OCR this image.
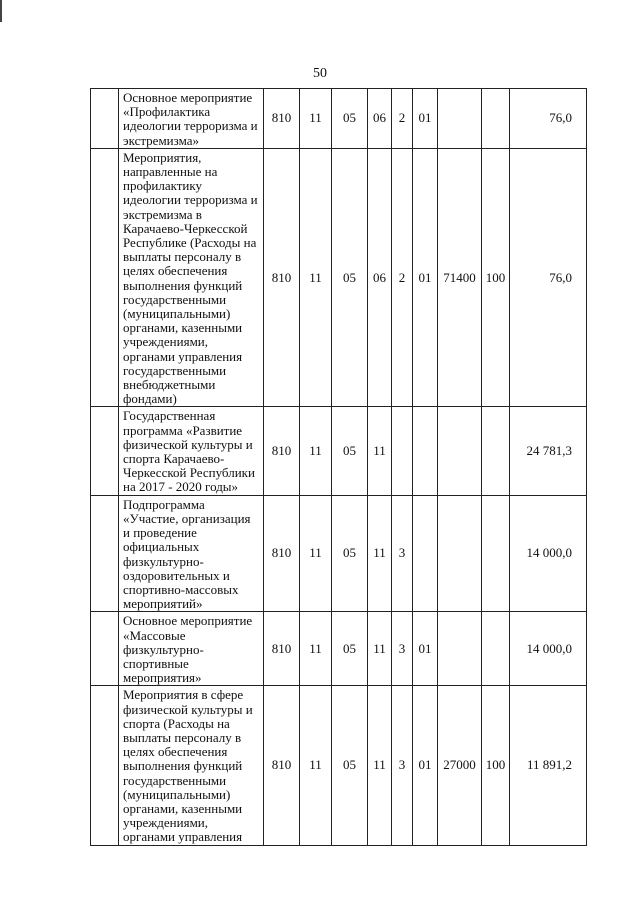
50
	Основное мероприятие «Профилактика идеологии терроризма и экстремизма»	810	11	05	06	2	01			76,0
	Мероприятия, направленные на профилактику идеологии терроризма и экстремизма в Карачаево-Черкесской Республике (Расходы на выплаты персоналу в целях обеспечения выполнения функций государственными (муниципальными) органами, казенными учреждениями, органами управления государственными внебюджетными фондами)	810	11	05	06	2	01	71400	100	76,0
	Государственная программа «Развитие физической культуры и спорта Карачаево-Черкесской Республики на 2017 - 2020 годы»	810	11	05	11					24 781,3
	Подпрограмма «Участие, организация и проведение официальных физкультурно-оздоровительных и спортивно-массовых мероприятий»	810	11	05	11	3				14 000,0
	Основное мероприятие «Массовые физкультурно-спортивные мероприятия»	810	11	05	11	3	01			14 000,0
	Мероприятия в сфере физической культуры и спорта (Расходы на выплаты персоналу в целях обеспечения выполнения функций государственными (муниципальными) органами, казенными учреждениями, органами управления	810	11	05	11	3	01	27000	100	11 891,2
